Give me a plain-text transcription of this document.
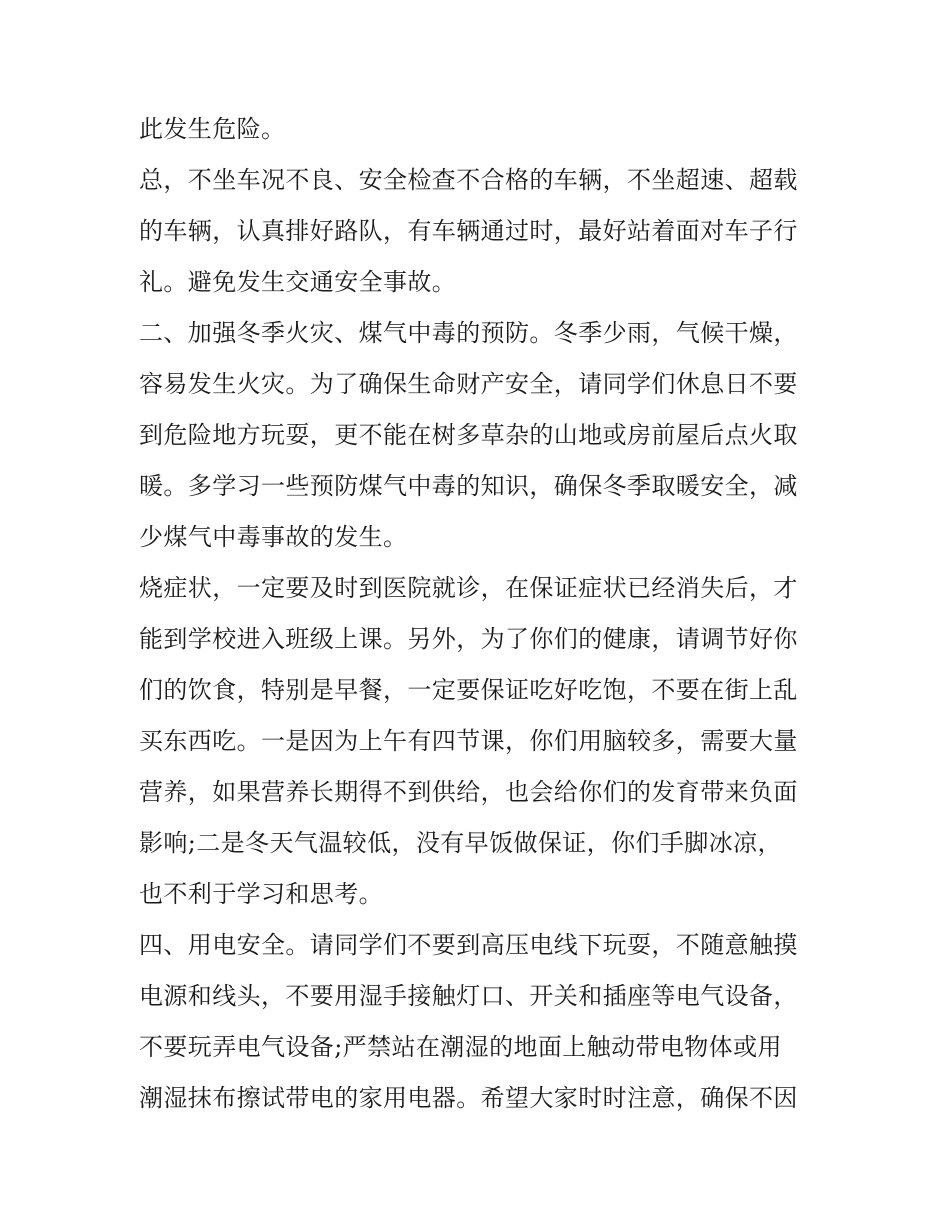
此发生危险。
总，不坐车况不良、安全检查不合格的车辆，不坐超速、超载
的车辆，认真排好路队，有车辆通过时，最好站着面对车子行
礼。避免发生交通安全事故。
二、加强冬季火灾、煤气中毒的预防。冬季少雨，气候干燥，
容易发生火灾。为了确保生命财产安全，请同学们休息日不要
到危险地方玩耍，更不能在树多草杂的山地或房前屋后点火取
暖。多学习一些预防煤气中毒的知识，确保冬季取暖安全，减
少煤气中毒事故的发生。
烧症状，一定要及时到医院就诊，在保证症状已经消失后，才
能到学校进入班级上课。另外，为了你们的健康，请调节好你
们的饮食，特别是早餐，一定要保证吃好吃饱，不要在街上乱
买东西吃。一是因为上午有四节课，你们用脑较多，需要大量
营养，如果营养长期得不到供给，也会给你们的发育带来负面
影响;二是冬天气温较低，没有早饭做保证，你们手脚冰凉，
也不利于学习和思考。
四、用电安全。请同学们不要到高压电线下玩耍，不随意触摸
电源和线头，不要用湿手接触灯口、开关和插座等电气设备，
不要玩弄电气设备;严禁站在潮湿的地面上触动带电物体或用
潮湿抹布擦试带电的家用电器。希望大家时时注意，确保不因
